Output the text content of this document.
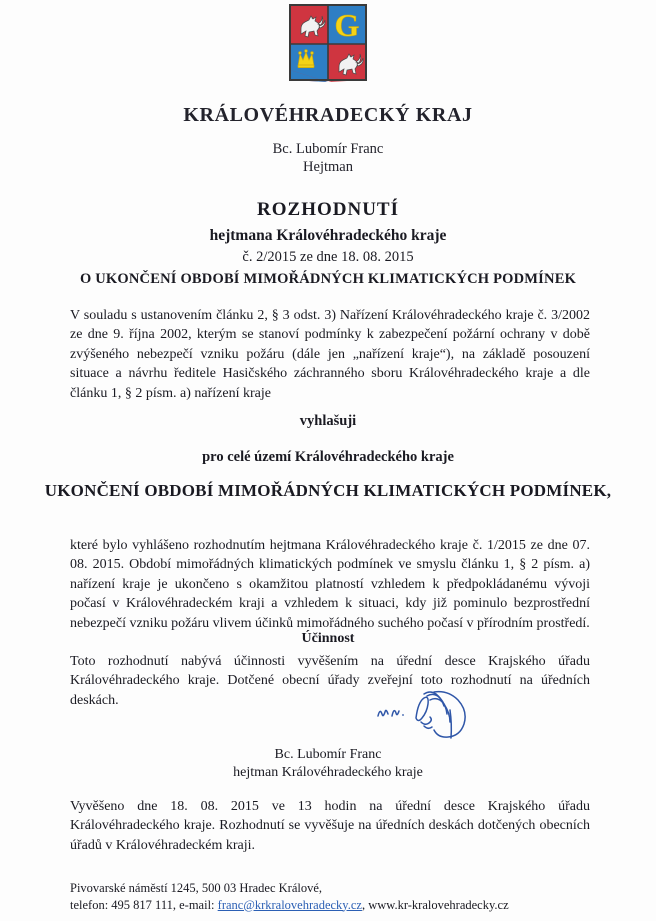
G
KRÁLOVÉHRADECKÝ KRAJ
Bc. Lubomír Franc
Hejtman
ROZHODNUTÍ
hejtmana Královéhradeckého kraje
č. 2/2015 ze dne 18. 08. 2015
O UKONČENÍ OBDOBÍ MIMOŘÁDNÝCH KLIMATICKÝCH PODMÍNEK
V souladu s ustanovením článku 2, § 3 odst. 3) Nařízení Královéhradeckého kraje č. 3/2002 ze dne 9. října 2002, kterým se stanoví podmínky k zabezpečení požární ochrany v době zvýšeného nebezpečí vzniku požáru (dále jen „nařízení kraje“), na základě posouzení situace a návrhu ředitele Hasičského záchranného sboru Královéhradeckého kraje a dle článku 1, § 2 písm. a) nařízení kraje
vyhlašuji
pro celé území Královéhradeckého kraje
UKONČENÍ OBDOBÍ MIMOŘÁDNÝCH KLIMATICKÝCH PODMÍNEK,
které bylo vyhlášeno rozhodnutím hejtmana Královéhradeckého kraje č. 1/2015 ze dne 07. 08. 2015. Období mimořádných klimatických podmínek ve smyslu článku 1, § 2 písm. a) nařízení kraje je ukončeno s okamžitou platností vzhledem k předpokládanému vývoji počasí v Královéhradeckém kraji a vzhledem k situaci, kdy již pominulo bezprostřední nebezpečí vzniku požáru vlivem účinků mimořádného suchého počasí v přírodním prostředí.
Účinnost
Toto rozhodnutí nabývá účinnosti vyvěšením na úřední desce Krajského úřadu Královéhradeckého kraje. Dotčené obecní úřady zveřejní toto rozhodnutí na úředních deskách.
Bc. Lubomír Franc
hejtman Královéhradeckého kraje
Vyvěšeno dne 18. 08. 2015 ve 13 hodin na úřední desce Krajského úřadu Královéhradeckého kraje. Rozhodnutí se vyvěšuje na úředních deskách dotčených obecních úřadů v Královéhradeckém kraji.
Pivovarské náměstí 1245, 500 03 Hradec Králové,
telefon: 495 817 111, e-mail: franc@krkralovehradecky.cz, www.kr-kralovehradecky.cz
